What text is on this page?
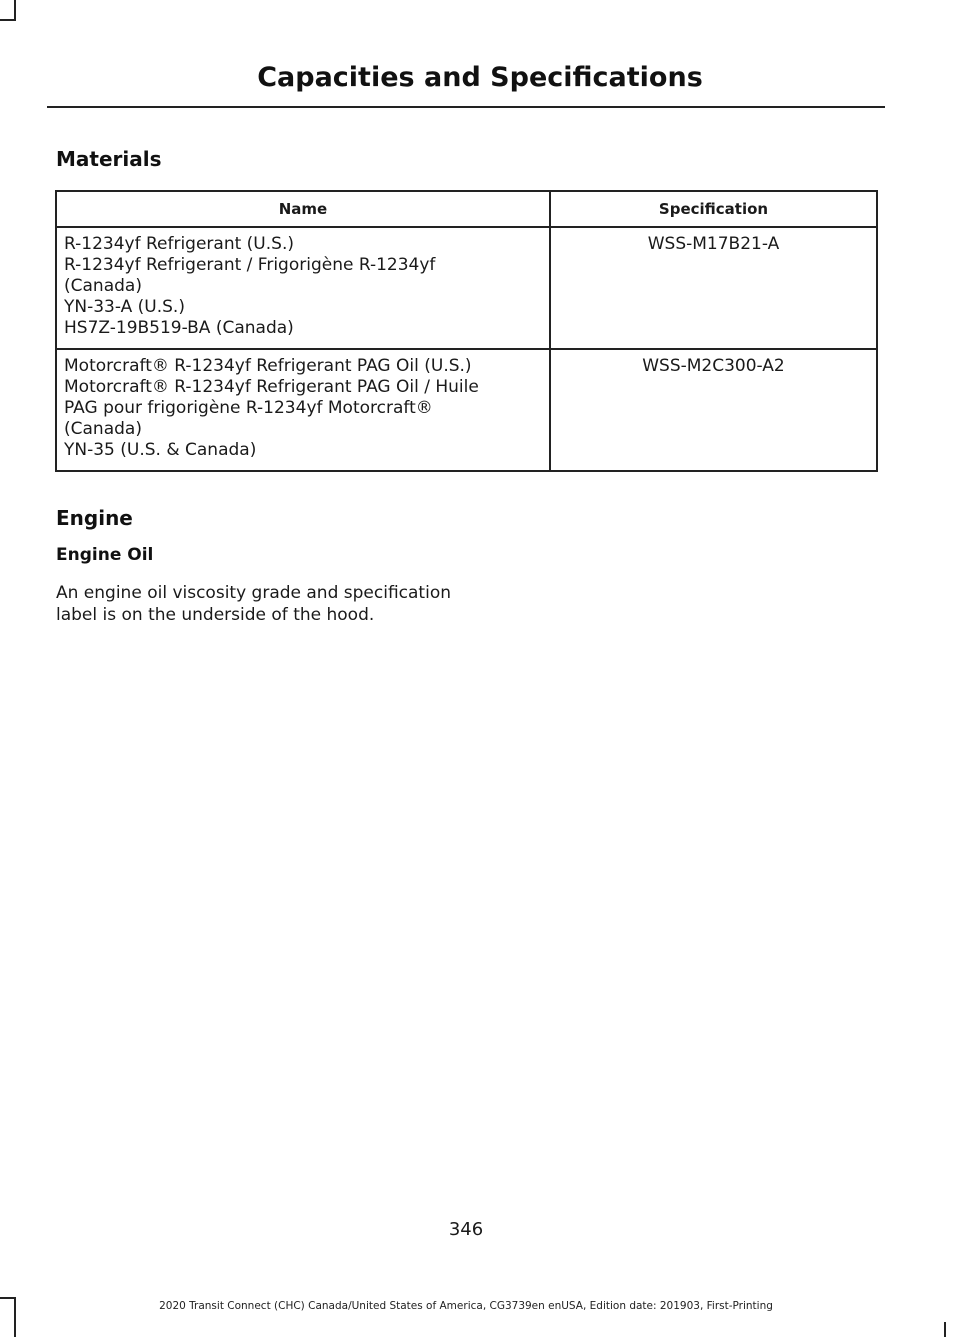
Capacities and Specifications
Materials
Name	Specification

R-1234yf Refrigerant (U.S.)
R-1234yf Refrigerant / Frigorigène R-1234yf
(Canada)
YN-33-A (U.S.)
HS7Z-19B519-BA (Canada)	WSS-M17B21-A

Motorcraft® R-1234yf Refrigerant PAG Oil (U.S.)
Motorcraft® R-1234yf Refrigerant PAG Oil / Huile
PAG pour frigorigène R-1234yf Motorcraft®
(Canada)
YN-35 (U.S. & Canada)	WSS-M2C300-A2
Engine
Engine Oil

An engine oil viscosity grade and specification label is on the underside of the hood.

346
2020 Transit Connect (CHC) Canada/United States of America, CG3739en enUSA, Edition date: 201903, First-Printing
